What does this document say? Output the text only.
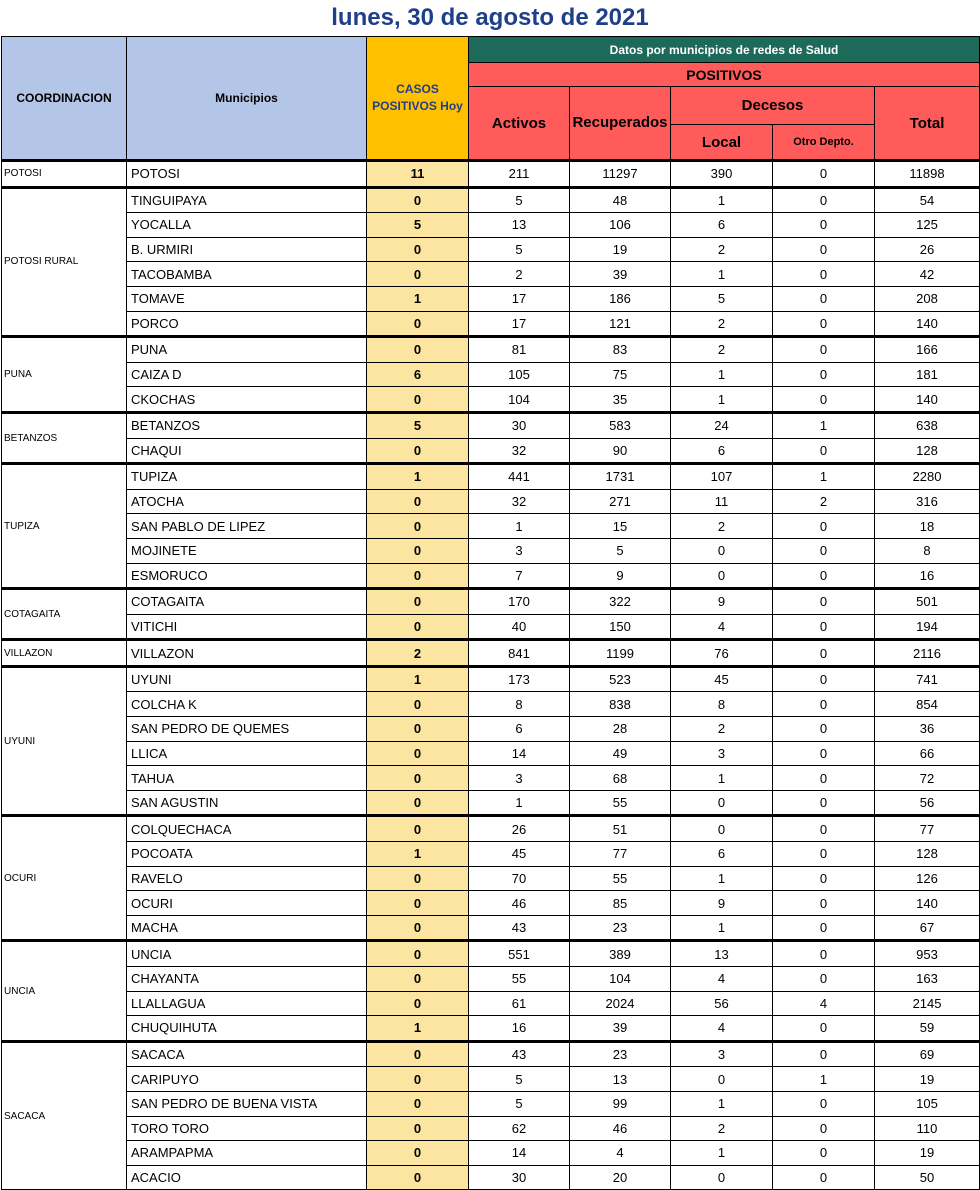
lunes, 30 de agosto de 2021
COORDINACION	Municipios	CASOS POSITIVOS Hoy	Datos por municipios de redes de Salud				
			POSITIVOS				
			Activos	Recuperados	Decesos		Total
					Local	Otro Depto.	
POTOSI	POTOSI	11	211	11297	390	0	11898
POTOSI RURAL	TINGUIPAYA	0	5	48	1	0	54
	YOCALLA	5	13	106	6	0	125
	B. URMIRI	0	5	19	2	0	26
	TACOBAMBA	0	2	39	1	0	42
	TOMAVE	1	17	186	5	0	208
	PORCO	0	17	121	2	0	140
PUNA	PUNA	0	81	83	2	0	166
	CAIZA D	6	105	75	1	0	181
	CKOCHAS	0	104	35	1	0	140
BETANZOS	BETANZOS	5	30	583	24	1	638
	CHAQUI	0	32	90	6	0	128
TUPIZA	TUPIZA	1	441	1731	107	1	2280
	ATOCHA	0	32	271	11	2	316
	SAN PABLO DE LIPEZ	0	1	15	2	0	18
	MOJINETE	0	3	5	0	0	8
	ESMORUCO	0	7	9	0	0	16
COTAGAITA	COTAGAITA	0	170	322	9	0	501
	VITICHI	0	40	150	4	0	194
VILLAZON	VILLAZON	2	841	1199	76	0	2116
UYUNI	UYUNI	1	173	523	45	0	741
	COLCHA K	0	8	838	8	0	854
	SAN PEDRO DE QUEMES	0	6	28	2	0	36
	LLICA	0	14	49	3	0	66
	TAHUA	0	3	68	1	0	72
	SAN AGUSTIN	0	1	55	0	0	56
OCURI	COLQUECHACA	0	26	51	0	0	77
	POCOATA	1	45	77	6	0	128
	RAVELO	0	70	55	1	0	126
	OCURI	0	46	85	9	0	140
	MACHA	0	43	23	1	0	67
UNCIA	UNCIA	0	551	389	13	0	953
	CHAYANTA	0	55	104	4	0	163
	LLALLAGUA	0	61	2024	56	4	2145
	CHUQUIHUTA	1	16	39	4	0	59
SACACA	SACACA	0	43	23	3	0	69
	CARIPUYO	0	5	13	0	1	19
	SAN PEDRO DE BUENA VISTA	0	5	99	1	0	105
	TORO TORO	0	62	46	2	0	110
	ARAMPAPMA	0	14	4	1	0	19
	ACACIO	0	30	20	0	0	50
